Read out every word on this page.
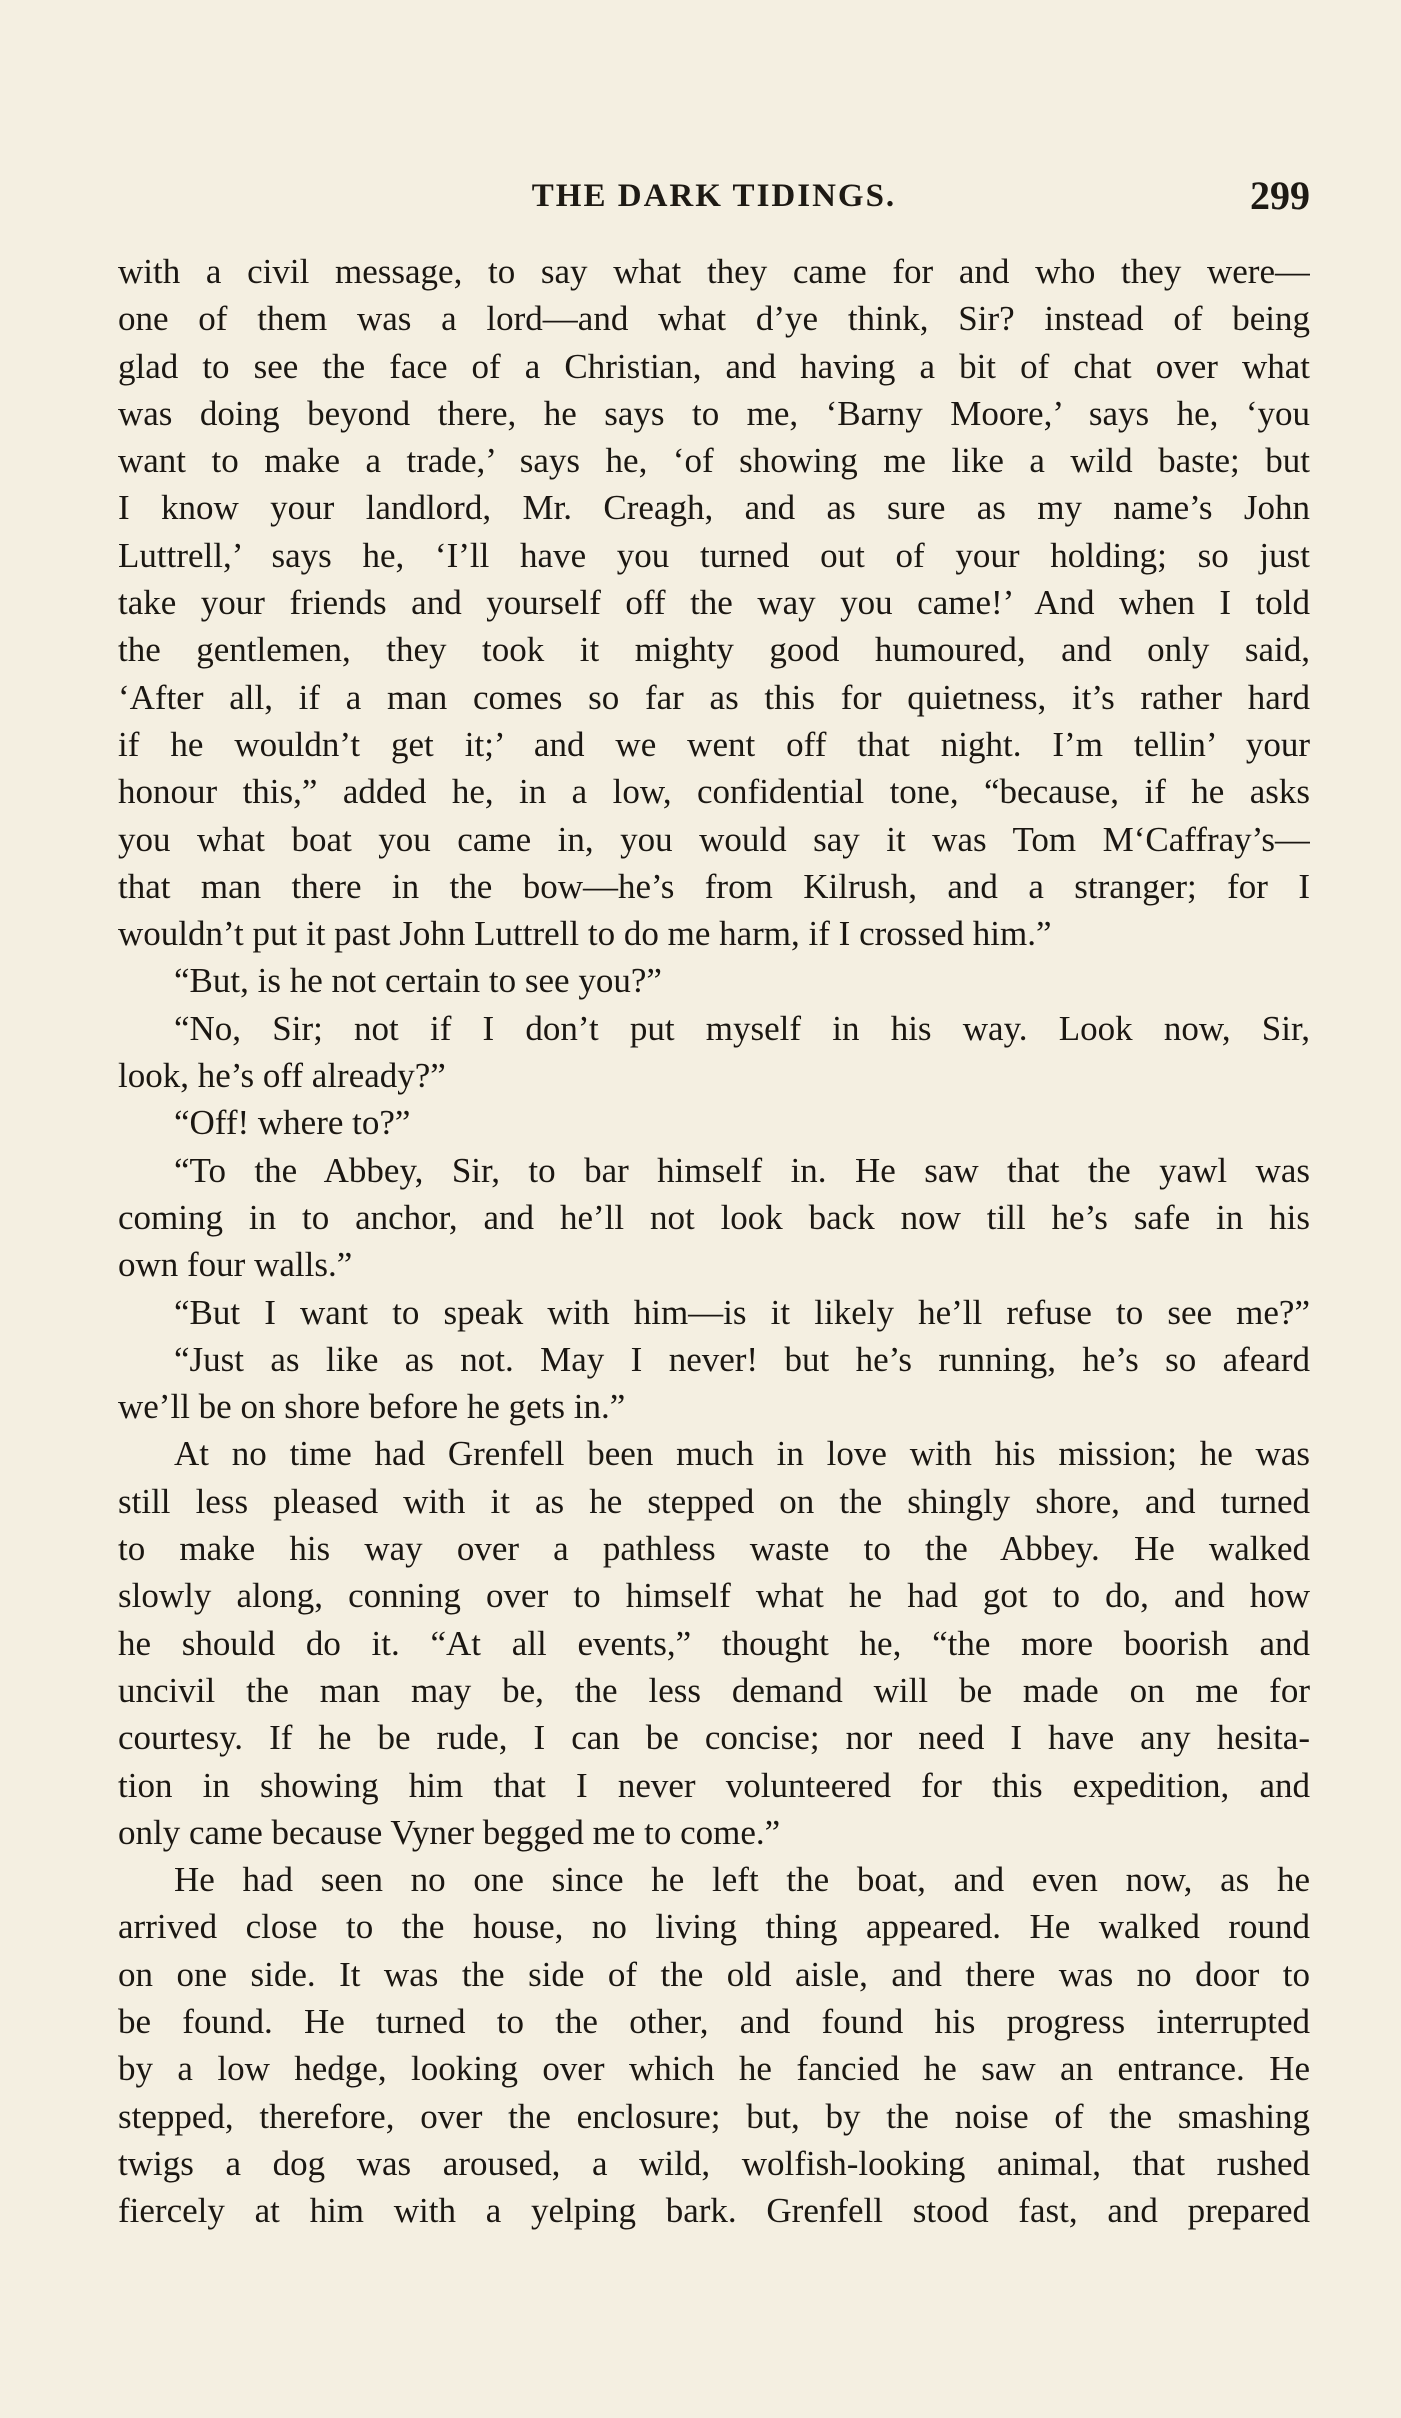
THE DARK TIDINGS.	299
with a civil message, to say what they came for and who they were—
one of them was a lord—and what d’ye think, Sir? instead of being
glad to see the face of a Christian, and having a bit of chat over what
was doing beyond there, he says to me, ‘Barny Moore,’ says he, ‘you
want to make a trade,’ says he, ‘of showing me like a wild baste; but
I know your landlord, Mr. Creagh, and as sure as my name’s John
Luttrell,’ says he, ‘I’ll have you turned out of your holding; so just
take your friends and yourself off the way you came!’ And when I told
the gentlemen, they took it mighty good humoured, and only said,
‘After all, if a man comes so far as this for quietness, it’s rather hard
if he wouldn’t get it;’ and we went off that night. I’m tellin’ your
honour this,” added he, in a low, confidential tone, “because, if he asks
you what boat you came in, you would say it was Tom M‘Caffray’s—
that man there in the bow—he’s from Kilrush, and a stranger; for I
wouldn’t put it past John Luttrell to do me harm, if I crossed him.”
“But, is he not certain to see you?”
“No, Sir; not if I don’t put myself in his way. Look now, Sir,
look, he’s off already?”
“Off! where to?”
“To the Abbey, Sir, to bar himself in. He saw that the yawl was
coming in to anchor, and he’ll not look back now till he’s safe in his
own four walls.”
“But I want to speak with him—is it likely he’ll refuse to see me?”
“Just as like as not. May I never! but he’s running, he’s so afeard
we’ll be on shore before he gets in.”
At no time had Grenfell been much in love with his mission; he was
still less pleased with it as he stepped on the shingly shore, and turned
to make his way over a pathless waste to the Abbey. He walked
slowly along, conning over to himself what he had got to do, and how
he should do it. “At all events,” thought he, “the more boorish and
uncivil the man may be, the less demand will be made on me for
courtesy. If he be rude, I can be concise; nor need I have any hesita-
tion in showing him that I never volunteered for this expedition, and
only came because Vyner begged me to come.”
He had seen no one since he left the boat, and even now, as he
arrived close to the house, no living thing appeared. He walked round
on one side. It was the side of the old aisle, and there was no door to
be found. He turned to the other, and found his progress interrupted
by a low hedge, looking over which he fancied he saw an entrance. He
stepped, therefore, over the enclosure; but, by the noise of the smashing
twigs a dog was aroused, a wild, wolfish-looking animal, that rushed
fiercely at him with a yelping bark. Grenfell stood fast, and prepared
